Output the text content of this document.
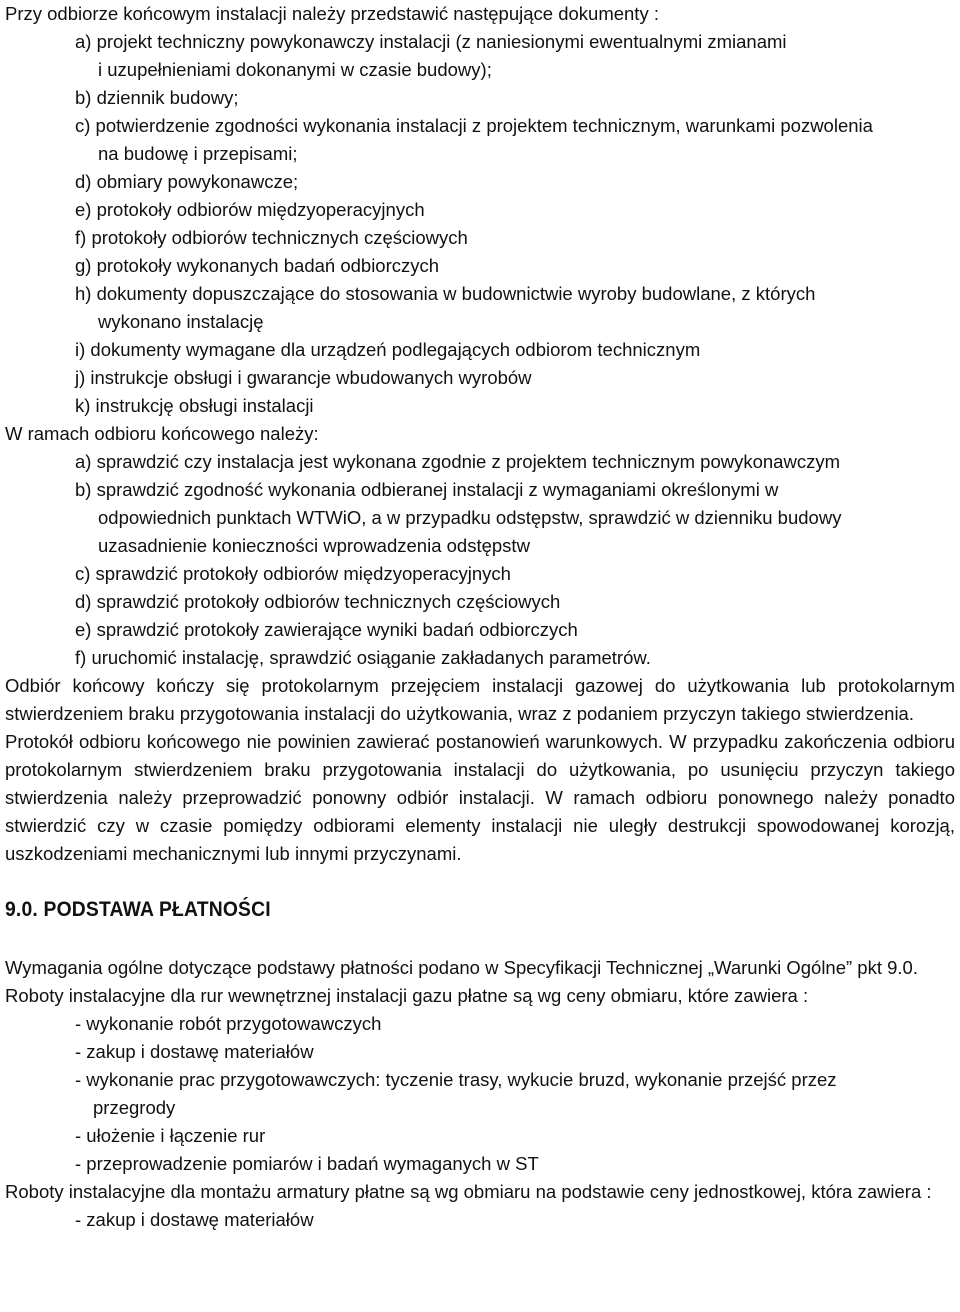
Przy odbiorze końcowym instalacji należy przedstawić następujące dokumenty :

a) projekt techniczny powykonawczy instalacji (z naniesionymi ewentualnymi zmianami

i uzupełnieniami dokonanymi w czasie budowy);

b) dziennik budowy;

c) potwierdzenie zgodności wykonania instalacji z projektem technicznym, warunkami pozwolenia

na budowę i przepisami;

d) obmiary powykonawcze;

e) protokoły odbiorów międzyoperacyjnych

f) protokoły odbiorów technicznych częściowych

g) protokoły wykonanych badań odbiorczych

h) dokumenty dopuszczające do stosowania w budownictwie wyroby budowlane, z których

wykonano instalację

i) dokumenty wymagane dla urządzeń podlegających odbiorom technicznym

j) instrukcje obsługi i gwarancje wbudowanych wyrobów

k) instrukcję obsługi instalacji

W ramach odbioru końcowego należy:

a) sprawdzić czy instalacja jest wykonana zgodnie z projektem technicznym powykonawczym

b) sprawdzić zgodność wykonania odbieranej instalacji z wymaganiami określonymi w

odpowiednich punktach WTWiO, a w przypadku odstępstw, sprawdzić w dzienniku budowy

uzasadnienie konieczności wprowadzenia odstępstw

c) sprawdzić protokoły odbiorów międzyoperacyjnych

d) sprawdzić protokoły odbiorów technicznych częściowych

e) sprawdzić protokoły zawierające wyniki badań odbiorczych

f) uruchomić instalację, sprawdzić osiąganie zakładanych parametrów.

Odbiór końcowy kończy się protokolarnym przejęciem instalacji gazowej do użytkowania lub protokolarnym stwierdzeniem braku przygotowania instalacji do użytkowania, wraz z podaniem przyczyn takiego stwierdzenia.

Protokół odbioru końcowego nie powinien zawierać postanowień warunkowych. W przypadku zakończenia odbioru protokolarnym stwierdzeniem braku przygotowania instalacji do użytkowania, po usunięciu przyczyn takiego stwierdzenia należy przeprowadzić ponowny odbiór instalacji. W ramach odbioru ponownego należy ponadto stwierdzić czy w czasie pomiędzy odbiorami elementy instalacji nie uległy destrukcji spowodowanej korozją, uszkodzeniami mechanicznymi lub innymi przyczynami.

9.0. PODSTAWA PŁATNOŚCI

Wymagania ogólne dotyczące podstawy płatności podano w Specyfikacji Technicznej „Warunki Ogólne” pkt 9.0.

Roboty instalacyjne dla rur wewnętrznej instalacji gazu płatne są wg ceny obmiaru, które zawiera :

- wykonanie robót przygotowawczych

- zakup i dostawę materiałów

- wykonanie prac przygotowawczych: tyczenie trasy, wykucie bruzd, wykonanie przejść przez

przegrody

- ułożenie i łączenie rur

- przeprowadzenie pomiarów i badań wymaganych w ST

Roboty instalacyjne dla montażu armatury płatne są wg obmiaru na podstawie ceny jednostkowej, która zawiera :

- zakup i dostawę materiałów
